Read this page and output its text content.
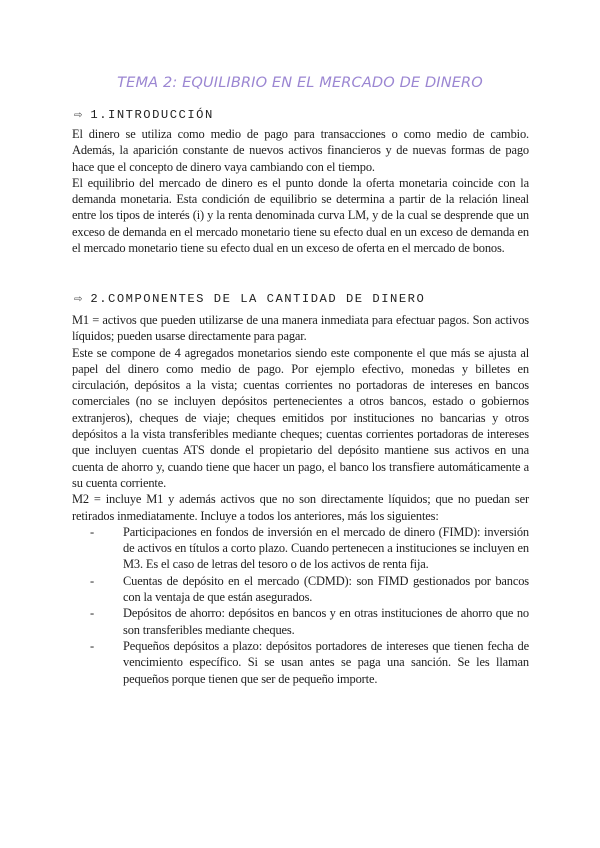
TEMA 2: EQUILIBRIO EN EL MERCADO DE DINERO
⇨ 1.INTRODUCCIÓN

El dinero se utiliza como medio de pago para transacciones o como medio de cambio. Además, la aparición constante de nuevos activos financieros y de nuevas formas de pago hace que el concepto de dinero vaya cambiando con el tiempo.

El equilibrio del mercado de dinero es el punto donde la oferta monetaria coincide con la demanda monetaria. Esta condición de equilibrio se determina a partir de la relación lineal entre los tipos de interés (i) y la renta denominada curva LM, y de la cual se desprende que un exceso de demanda en el mercado monetario tiene su efecto dual en un exceso de demanda en el mercado monetario tiene su efecto dual en un exceso de oferta en el mercado de bonos.

⇨ 2.COMPONENTES DE LA CANTIDAD DE DINERO

M1 = activos que pueden utilizarse de una manera inmediata para efectuar pagos. Son activos líquidos; pueden usarse directamente para pagar.

Este se compone de 4 agregados monetarios siendo este componente el que más se ajusta al papel del dinero como medio de pago. Por ejemplo efectivo, monedas y billetes en circulación, depósitos a la vista; cuentas corrientes no portadoras de intereses en bancos comerciales (no se incluyen depósitos pertenecientes a otros bancos, estado o gobiernos extranjeros), cheques de viaje; cheques emitidos por instituciones no bancarias y otros depósitos a la vista transferibles mediante cheques; cuentas corrientes portadoras de intereses que incluyen cuentas ATS donde el propietario del depósito mantiene sus activos en una cuenta de ahorro y, cuando tiene que hacer un pago, el banco los transfiere automáticamente a su cuenta corriente.

M2 = incluye M1 y además activos que no son directamente líquidos; que no puedan ser retirados inmediatamente. Incluye a todos los anteriores, más los siguientes:

- Participaciones en fondos de inversión en el mercado de dinero (FIMD): inversión de activos en títulos a corto plazo. Cuando pertenecen a instituciones se incluyen en M3. Es el caso de letras del tesoro o de los activos de renta fija.
- Cuentas de depósito en el mercado (CDMD): son FIMD gestionados por bancos con la ventaja de que están asegurados.
- Depósitos de ahorro: depósitos en bancos y en otras instituciones de ahorro que no son transferibles mediante cheques.
- Pequeños depósitos a plazo: depósitos portadores de intereses que tienen fecha de vencimiento específico. Si se usan antes se paga una sanción. Se les llaman pequeños porque tienen que ser de pequeño importe.
